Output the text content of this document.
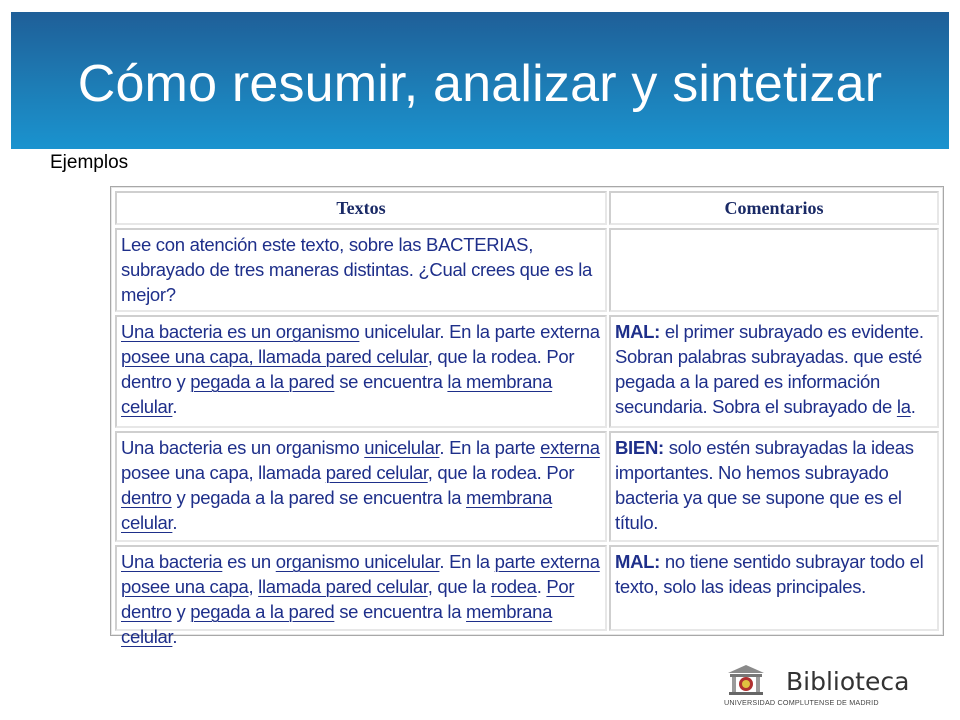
Cómo resumir, analizar y sintetizar
Ejemplos
Textos	Comentarios
Lee con atención este texto, sobre las BACTERIAS, subrayado de tres maneras distintas. ¿Cual crees que es la mejor?
Una bacteria es un organismo unicelular. En la parte externa posee una capa, llamada pared celular, que la rodea. Por dentro y pegada a la pared se encuentra la membrana celular.
MAL: el primer subrayado es evidente. Sobran palabras subrayadas. que esté pegada a la pared es información secundaria. Sobra el subrayado de la.
Una bacteria es un organismo unicelular. En la parte externa posee una capa, llamada pared celular, que la rodea. Por dentro y pegada a la pared se encuentra la membrana celular.
BIEN: solo estén subrayadas la ideas importantes. No hemos subrayado bacteria ya que se supone que es el título.
Una bacteria es un organismo unicelular. En la parte externa posee una capa, llamada pared celular, que la rodea. Por dentro y pegada a la pared se encuentra la membrana celular.
MAL: no tiene sentido subrayar todo el texto, solo las ideas principales.
Biblioteca
UNIVERSIDAD COMPLUTENSE DE MADRID
